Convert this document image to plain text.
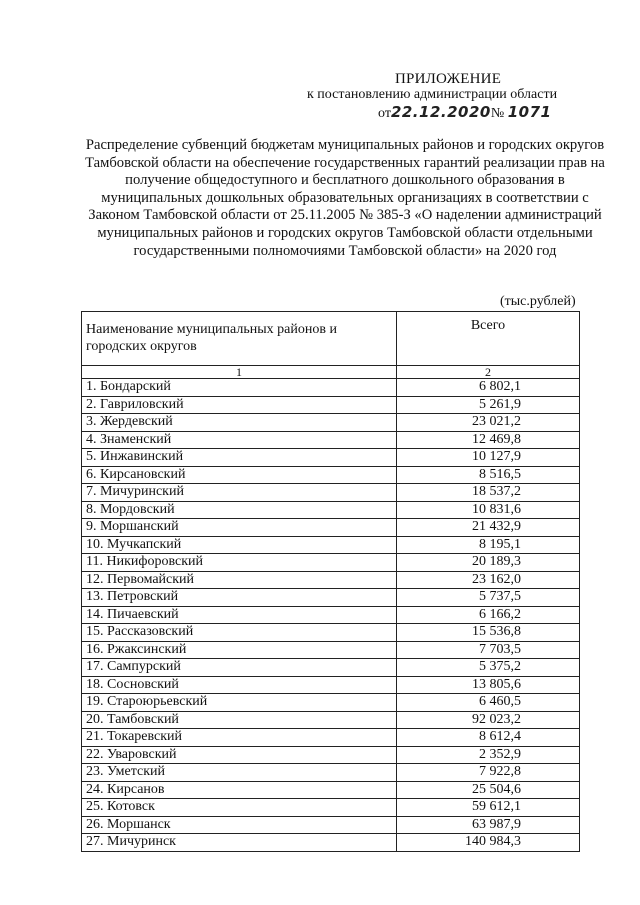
ПРИЛОЖЕНИЕ
к постановлению администрации области
от22.12.2020№ 1071
Распределение субвенций бюджетам муниципальных районов и городских округов Тамбовской области на обеспечение государственных гарантий реализации прав на получение общедоступного и бесплатного дошкольного образования в муниципальных дошкольных образовательных организациях в соответствии с Законом Тамбовской области от 25.11.2005 № 385-З «О наделении администраций муниципальных районов и городских округов Тамбовской области отдельными государственными полномочиями Тамбовской области» на 2020 год
(тыс.рублей)
Наименование муниципальных районов и городских округов	Всего
1	2
1. Бондарский	6 802,1
2. Гавриловский	5 261,9
3. Жердевский	23 021,2
4. Знаменский	12 469,8
5. Инжавинский	10 127,9
6. Кирсановский	8 516,5
7. Мичуринский	18 537,2
8. Мордовский	10 831,6
9. Моршанский	21 432,9
10. Мучкапский	8 195,1
11. Никифоровский	20 189,3
12. Первомайский	23 162,0
13. Петровский	5 737,5
14. Пичаевский	6 166,2
15. Рассказовский	15 536,8
16. Ржаксинский	7 703,5
17. Сампурский	5 375,2
18. Сосновский	13 805,6
19. Староюрьевский	6 460,5
20. Тамбовский	92 023,2
21. Токаревский	8 612,4
22. Уваровский	2 352,9
23. Уметский	7 922,8
24. Кирсанов	25 504,6
25. Котовск	59 612,1
26. Моршанск	63 987,9
27. Мичуринск	140 984,3
